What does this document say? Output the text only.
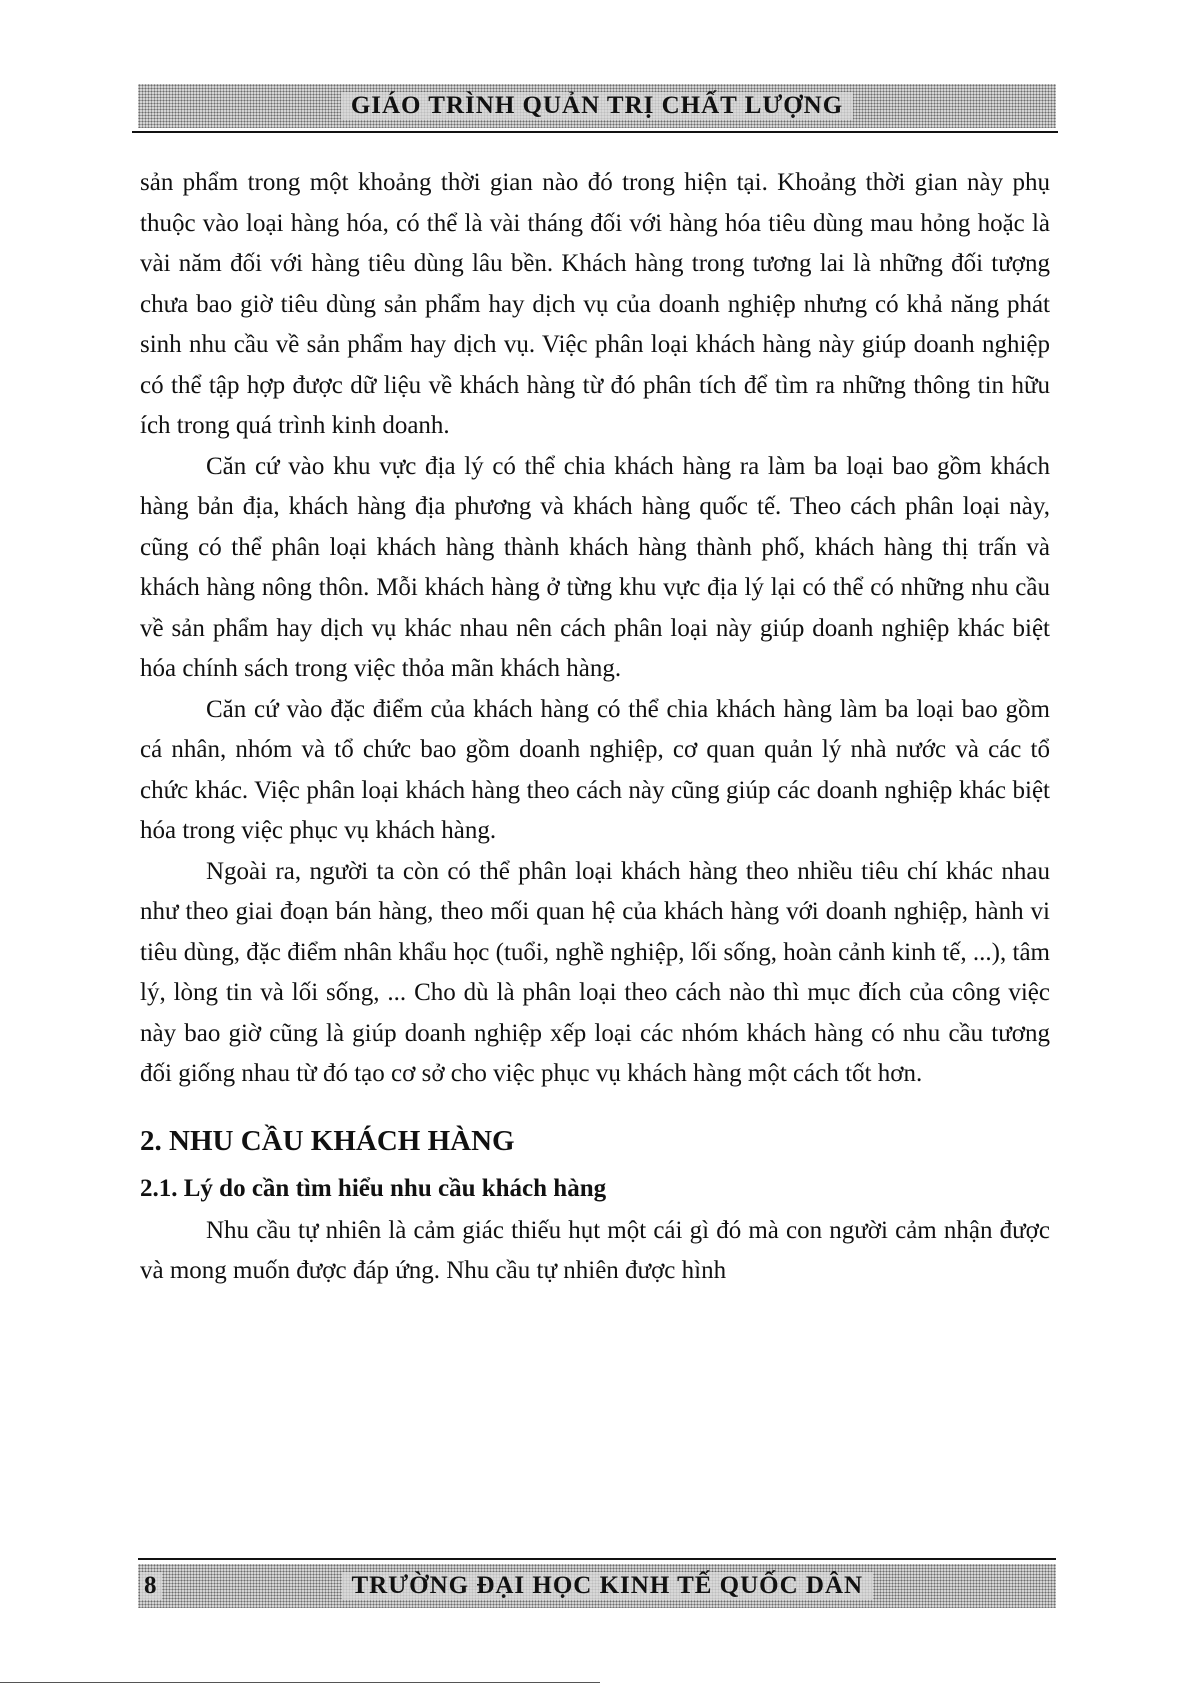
GIÁO TRÌNH QUẢN TRỊ CHẤT LƯỢNG

sản phẩm trong một khoảng thời gian nào đó trong hiện tại. Khoảng thời gian này phụ thuộc vào loại hàng hóa, có thể là vài tháng đối với hàng hóa tiêu dùng mau hỏng hoặc là vài năm đối với hàng tiêu dùng lâu bền. Khách hàng trong tương lai là những đối tượng chưa bao giờ tiêu dùng sản phẩm hay dịch vụ của doanh nghiệp nhưng có khả năng phát sinh nhu cầu về sản phẩm hay dịch vụ. Việc phân loại khách hàng này giúp doanh nghiệp có thể tập hợp được dữ liệu về khách hàng từ đó phân tích để tìm ra những thông tin hữu ích trong quá trình kinh doanh.

Căn cứ vào khu vực địa lý có thể chia khách hàng ra làm ba loại bao gồm khách hàng bản địa, khách hàng địa phương và khách hàng quốc tế. Theo cách phân loại này, cũng có thể phân loại khách hàng thành khách hàng thành phố, khách hàng thị trấn và khách hàng nông thôn. Mỗi khách hàng ở từng khu vực địa lý lại có thể có những nhu cầu về sản phẩm hay dịch vụ khác nhau nên cách phân loại này giúp doanh nghiệp khác biệt hóa chính sách trong việc thỏa mãn khách hàng.

Căn cứ vào đặc điểm của khách hàng có thể chia khách hàng làm ba loại bao gồm cá nhân, nhóm và tổ chức bao gồm doanh nghiệp, cơ quan quản lý nhà nước và các tổ chức khác. Việc phân loại khách hàng theo cách này cũng giúp các doanh nghiệp khác biệt hóa trong việc phục vụ khách hàng.

Ngoài ra, người ta còn có thể phân loại khách hàng theo nhiều tiêu chí khác nhau như theo giai đoạn bán hàng, theo mối quan hệ của khách hàng với doanh nghiệp, hành vi tiêu dùng, đặc điểm nhân khẩu học (tuổi, nghề nghiệp, lối sống, hoàn cảnh kinh tế, ...), tâm lý, lòng tin và lối sống, ... Cho dù là phân loại theo cách nào thì mục đích của công việc này bao giờ cũng là giúp doanh nghiệp xếp loại các nhóm khách hàng có nhu cầu tương đối giống nhau từ đó tạo cơ sở cho việc phục vụ khách hàng một cách tốt hơn.

2. NHU CẦU KHÁCH HÀNG
2.1. Lý do cần tìm hiểu nhu cầu khách hàng

Nhu cầu tự nhiên là cảm giác thiếu hụt một cái gì đó mà con người cảm nhận được và mong muốn được đáp ứng. Nhu cầu tự nhiên được hình

8	TRƯỜNG ĐẠI HỌC KINH TẾ QUỐC DÂN
